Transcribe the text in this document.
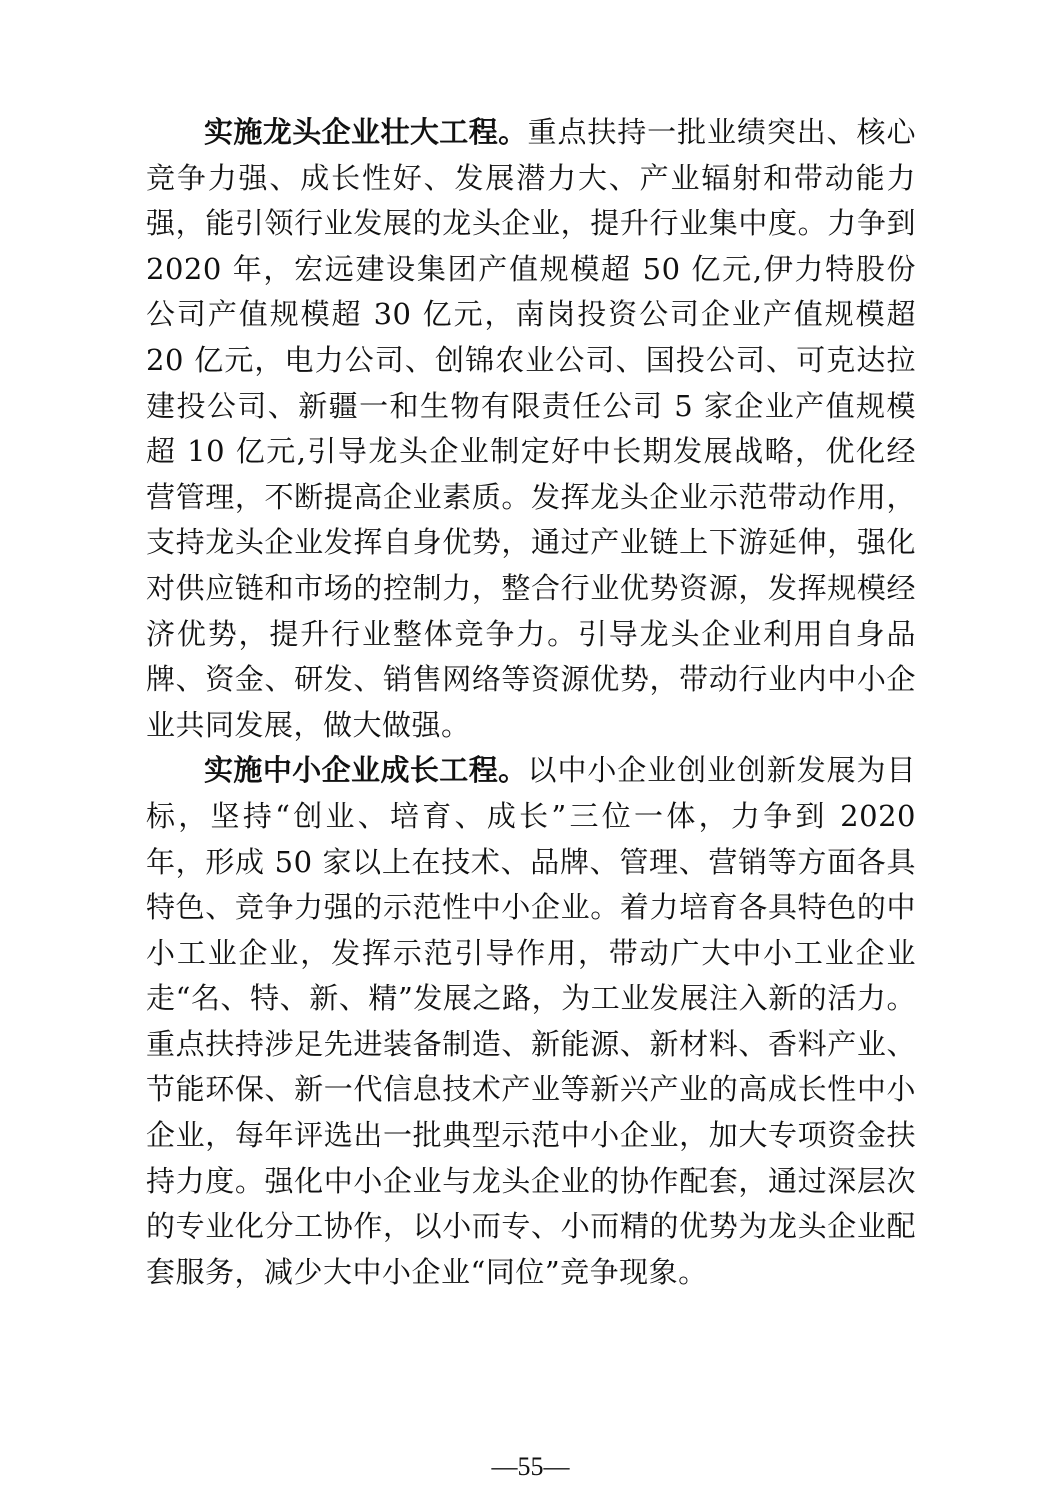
实施龙头企业壮大工程。重点扶持一批业绩突出、核心竞争力强、成长性好、发展潜力大、产业辐射和带动能力强，能引领行业发展的龙头企业，提升行业集中度。力争到 2020 年，宏远建设集团产值规模超 50 亿元,伊力特股份公司产值规模超 30 亿元，南岗投资公司企业产值规模超 20 亿元，电力公司、创锦农业公司、国投公司、可克达拉建投公司、新疆一和生物有限责任公司 5 家企业产值规模超 10 亿元,引导龙头企业制定好中长期发展战略，优化经营管理，不断提高企业素质。发挥龙头企业示范带动作用，支持龙头企业发挥自身优势，通过产业链上下游延伸，强化对供应链和市场的控制力，整合行业优势资源，发挥规模经济优势，提升行业整体竞争力。引导龙头企业利用自身品牌、资金、研发、销售网络等资源优势，带动行业内中小企业共同发展，做大做强。

实施中小企业成长工程。以中小企业创业创新发展为目标，坚持“创业、培育、成长”三位一体，力争到 2020 年，形成 50 家以上在技术、品牌、管理、营销等方面各具特色、竞争力强的示范性中小企业。着力培育各具特色的中小工业企业，发挥示范引导作用，带动广大中小工业企业走“名、特、新、精”发展之路，为工业发展注入新的活力。重点扶持涉足先进装备制造、新能源、新材料、香料产业、节能环保、新一代信息技术产业等新兴产业的高成长性中小企业，每年评选出一批典型示范中小企业，加大专项资金扶持力度。强化中小企业与龙头企业的协作配套，通过深层次的专业化分工协作，以小而专、小而精的优势为龙头企业配套服务，减少大中小企业“同位”竞争现象。

—55—
